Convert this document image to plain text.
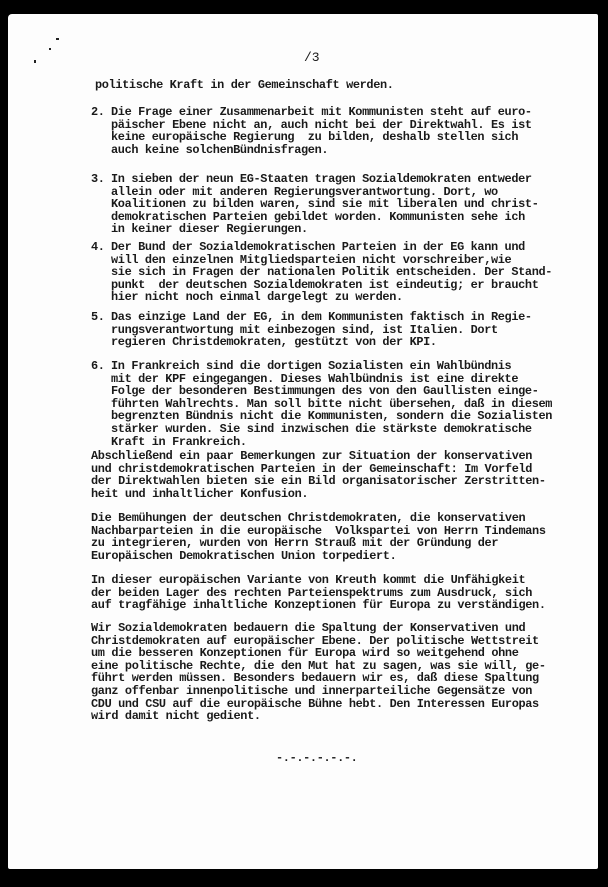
/3
politische Kraft in der Gemeinschaft werden.
2. Die Frage einer Zusammenarbeit mit Kommunisten steht auf euro-
päischer Ebene nicht an, auch nicht bei der Direktwahl. Es ist
keine europäische Regierung  zu bilden, deshalb stellen sich
auch keine solchenBündnisfragen.
3. In sieben der neun EG-Staaten tragen Sozialdemokraten entweder
allein oder mit anderen Regierungsverantwortung. Dort, wo
Koalitionen zu bilden waren, sind sie mit liberalen und christ-
demokratischen Parteien gebildet worden. Kommunisten sehe ich
in keiner dieser Regierungen.
4. Der Bund der Sozialdemokratischen Parteien in der EG kann und
will den einzelnen Mitgliedsparteien nicht vorschreiber,wie
sie sich in Fragen der nationalen Politik entscheiden. Der Stand-
punkt  der deutschen Sozialdemokraten ist eindeutig; er braucht
hier nicht noch einmal dargelegt zu werden.
5. Das einzige Land der EG, in dem Kommunisten faktisch in Regie-
rungsverantwortung mit einbezogen sind, ist Italien. Dort
regieren Christdemokraten, gestützt von der KPI.
6. In Frankreich sind die dortigen Sozialisten ein Wahlbündnis
mit der KPF eingegangen. Dieses Wahlbündnis ist eine direkte
Folge der besonderen Bestimmungen des von den Gaullisten einge-
führten Wahlrechts. Man soll bitte nicht übersehen, daß in diesem
begrenzten Bündnis nicht die Kommunisten, sondern die Sozialisten
stärker wurden. Sie sind inzwischen die stärkste demokratische
Kraft in Frankreich.
Abschließend ein paar Bemerkungen zur Situation der konservativen
und christdemokratischen Parteien in der Gemeinschaft: Im Vorfeld
der Direktwahlen bieten sie ein Bild organisatorischer Zerstritten-
heit und inhaltlicher Konfusion.
Die Bemühungen der deutschen Christdemokraten, die konservativen
Nachbarparteien in die europäische  Volkspartei von Herrn Tindemans
zu integrieren, wurden von Herrn Strauß mit der Gründung der
Europäischen Demokratischen Union torpediert.
In dieser europäischen Variante von Kreuth kommt die Unfähigkeit
der beiden Lager des rechten Parteienspektrums zum Ausdruck, sich
auf tragfähige inhaltliche Konzeptionen für Europa zu verständigen.
Wir Sozialdemokraten bedauern die Spaltung der Konservativen und
Christdemokraten auf europäischer Ebene. Der politische Wettstreit
um die besseren Konzeptionen für Europa wird so weitgehend ohne
eine politische Rechte, die den Mut hat zu sagen, was sie will, ge-
führt werden müssen. Besonders bedauern wir es, daß diese Spaltung
ganz offenbar innenpolitische und innerparteiliche Gegensätze von
CDU und CSU auf die europäische Bühne hebt. Den Interessen Europas
wird damit nicht gedient.
-.-.-.-.-.-.
